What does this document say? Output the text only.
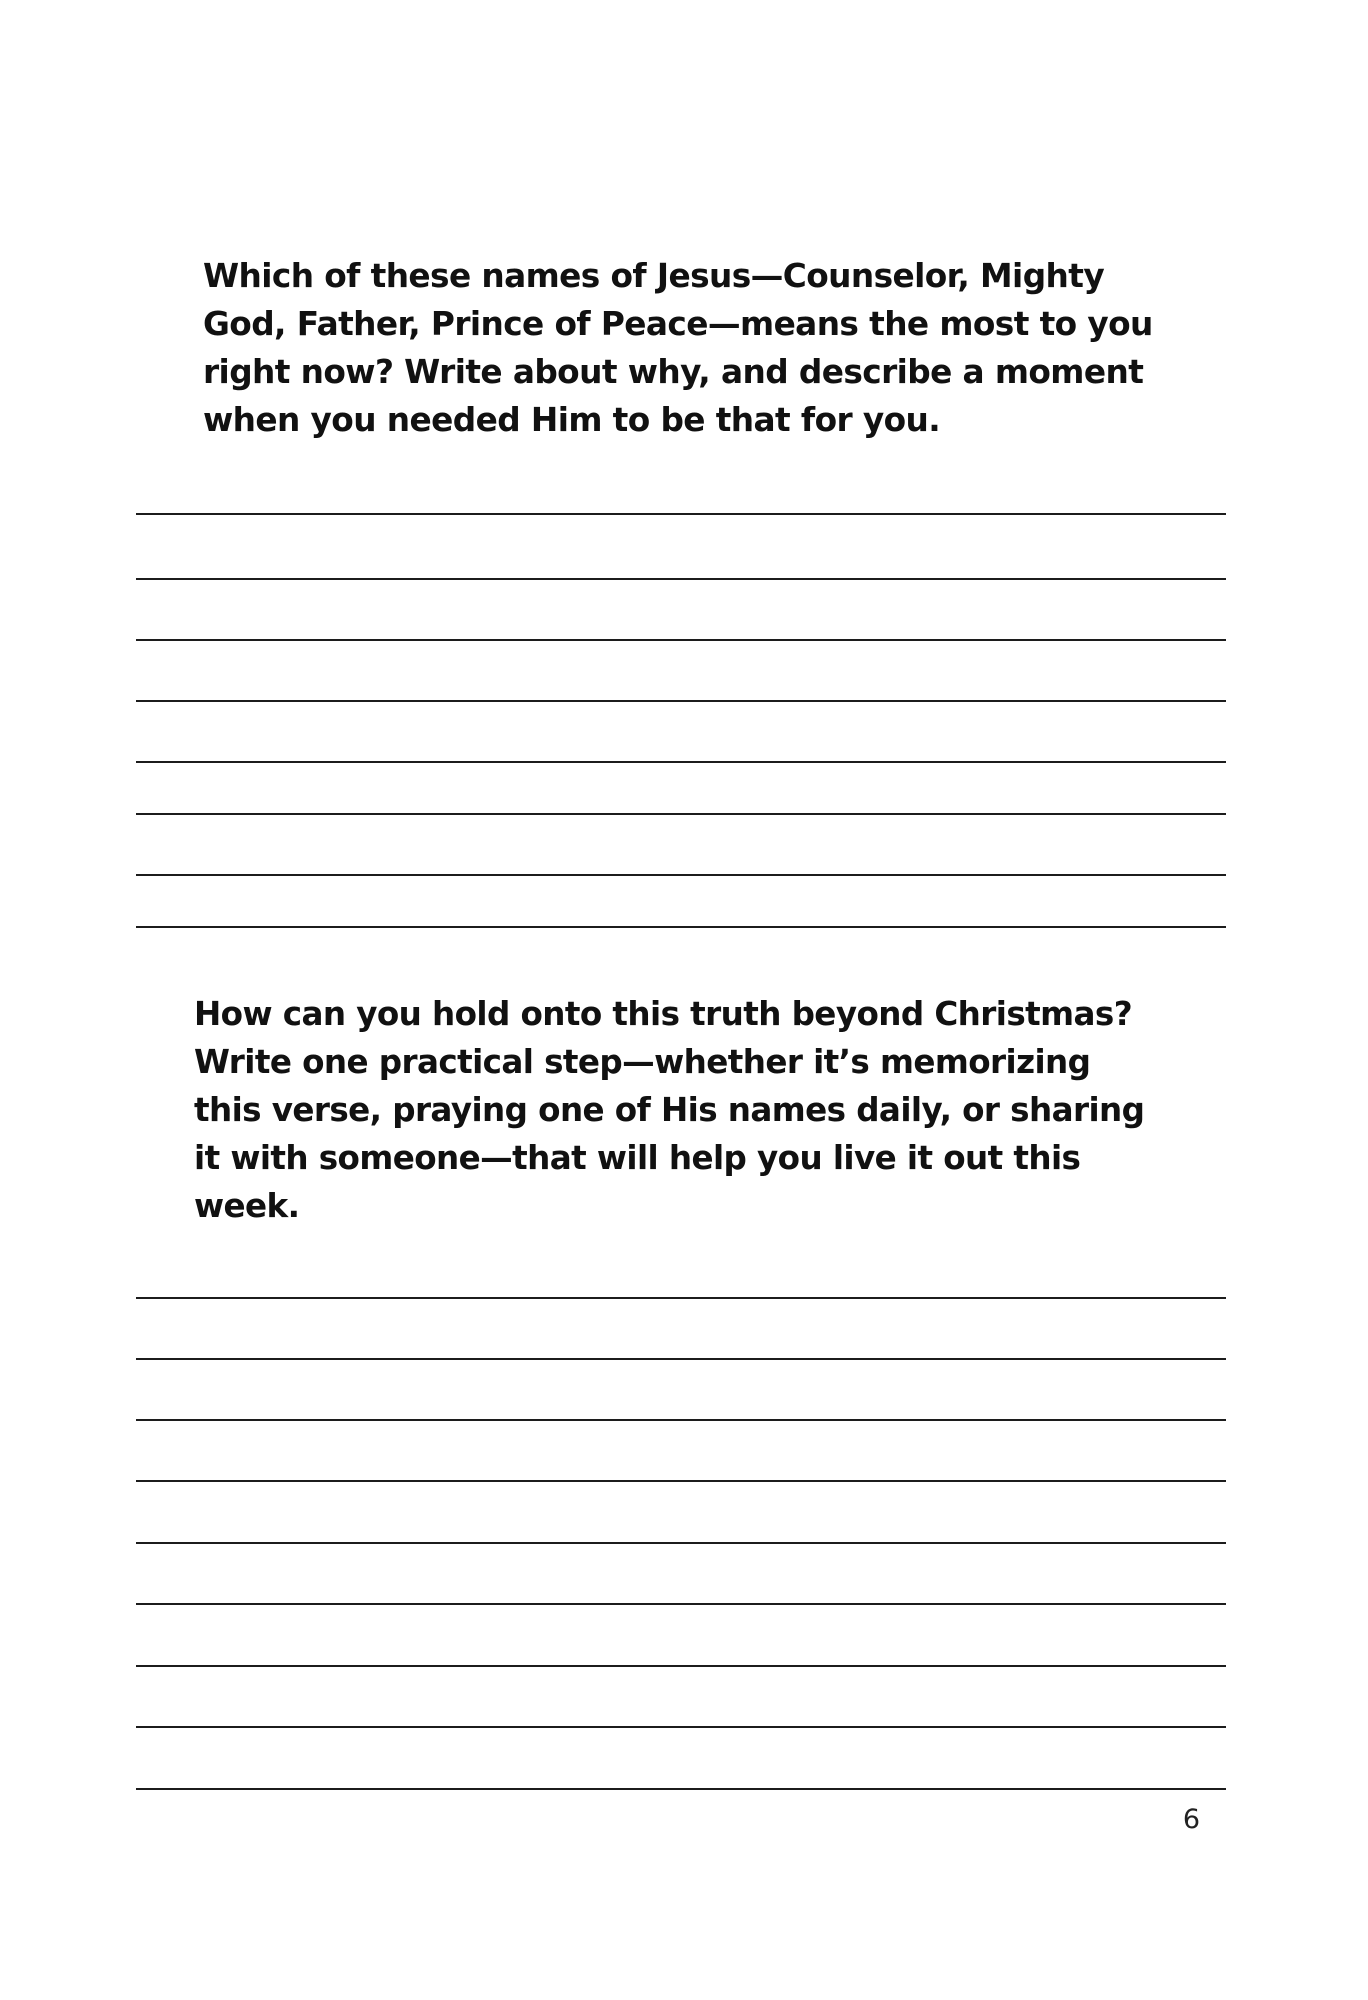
Which of these names of Jesus—Counselor, Mighty
God, Father, Prince of Peace—means the most to you
right now? Write about why, and describe a moment
when you needed Him to be that for you.

How can you hold onto this truth beyond Christmas?
Write one practical step—whether it’s memorizing
this verse, praying one of His names daily, or sharing
it with someone—that will help you live it out this
week.

6
